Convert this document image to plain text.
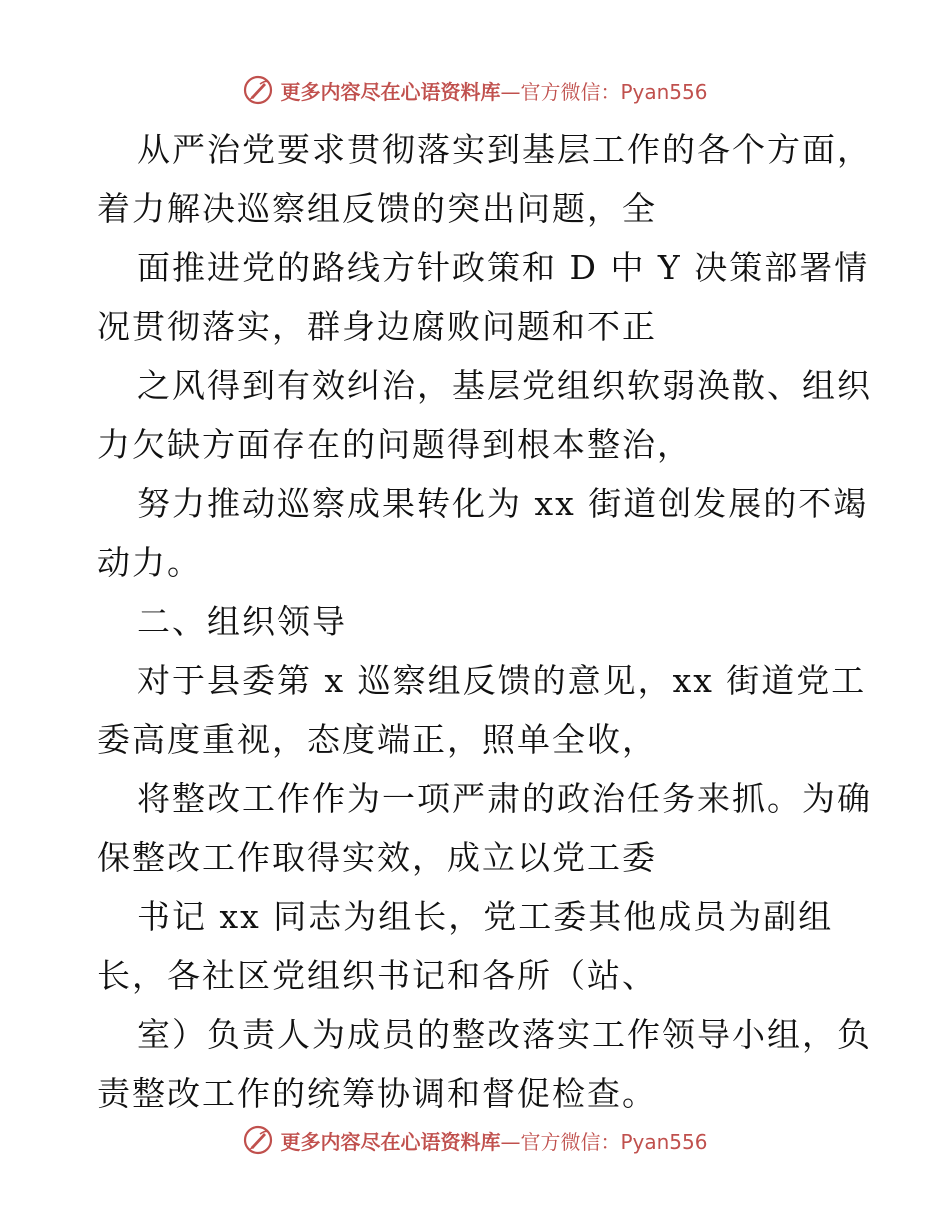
更多内容尽在心语资料库—官方微信：Pyan556
从严治党要求贯彻落实到基层工作的各个方面，
着力解决巡察组反馈的突出问题，全
面推进党的路线方针政策和 D 中 Y 决策部署情
况贯彻落实，群身边腐败问题和不正
之风得到有效纠治，基层党组织软弱涣散、组织
力欠缺方面存在的问题得到根本整治，
努力推动巡察成果转化为 xx 街道创发展的不竭
动力。
二、组织领导
对于县委第 x 巡察组反馈的意见，xx 街道党工
委高度重视，态度端正，照单全收，
将整改工作作为一项严肃的政治任务来抓。为确
保整改工作取得实效，成立以党工委
书记 xx 同志为组长，党工委其他成员为副组
长，各社区党组织书记和各所（站、
室）负责人为成员的整改落实工作领导小组，负
责整改工作的统筹协调和督促检查。
更多内容尽在心语资料库—官方微信：Pyan556
